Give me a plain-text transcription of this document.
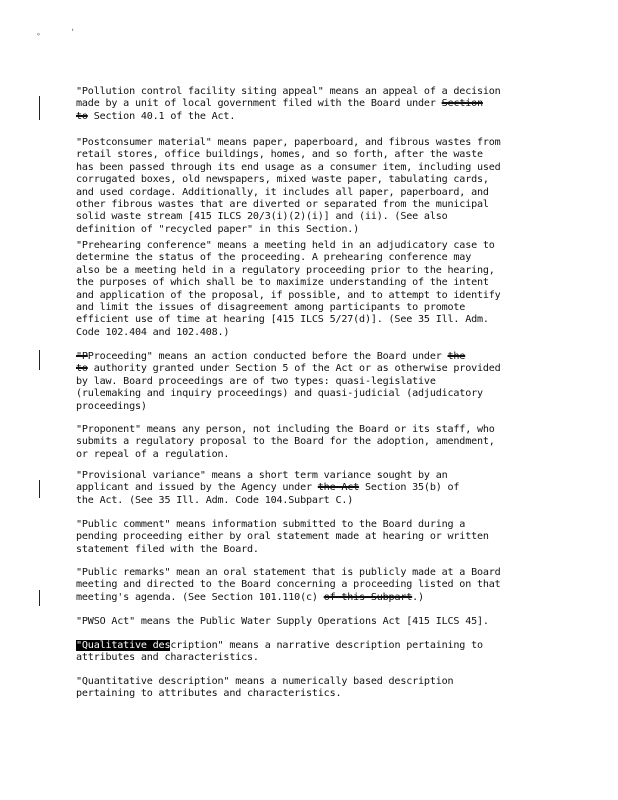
°	ʼ
"Pollution control facility siting appeal" means an appeal of a decision
made by a unit of local government filed with the Board under Section
to Section 40.1 of the Act.
"Postconsumer material" means paper, paperboard, and fibrous wastes from
retail stores, office buildings, homes, and so forth, after the waste
has been passed through its end usage as a consumer item, including used
corrugated boxes, old newspapers, mixed waste paper, tabulating cards,
and used cordage. Additionally, it includes all paper, paperboard, and
other fibrous wastes that are diverted or separated from the municipal
solid waste stream [415 ILCS 20/3(i)(2)(i)] and (ii). (See also
definition of "recycled paper" in this Section.)
"Prehearing conference" means a meeting held in an adjudicatory case to
determine the status of the proceeding. A prehearing conference may
also be a meeting held in a regulatory proceeding prior to the hearing,
the purposes of which shall be to maximize understanding of the intent
and application of the proposal, if possible, and to attempt to identify
and limit the issues of disagreement among participants to promote
efficient use of time at hearing [415 ILCS 5/27(d)]. (See 35 Ill. Adm.
Code 102.404 and 102.408.)
"PProceeding" means an action conducted before the Board under the
to authority granted under Section 5 of the Act or as otherwise provided
by law. Board proceedings are of two types: quasi-legislative
(rulemaking and inquiry proceedings) and quasi-judicial (adjudicatory
proceedings)
"Proponent" means any person, not including the Board or its staff, who
submits a regulatory proposal to the Board for the adoption, amendment,
or repeal of a regulation.
"Provisional variance" means a short term variance sought by an
applicant and issued by the Agency under the Act Section 35(b) of
the Act. (See 35 Ill. Adm. Code 104.Subpart C.)
"Public comment" means information submitted to the Board during a
pending proceeding either by oral statement made at hearing or written
statement filed with the Board.
"Public remarks" mean an oral statement that is publicly made at a Board
meeting and directed to the Board concerning a proceeding listed on that
meeting's agenda. (See Section 101.110(c) of this Subpart.)
"PWSO Act" means the Public Water Supply Operations Act [415 ILCS 45].
"Qualitative description" means a narrative description pertaining to
attributes and characteristics.
"Quantitative description" means a numerically based description
pertaining to attributes and characteristics.
